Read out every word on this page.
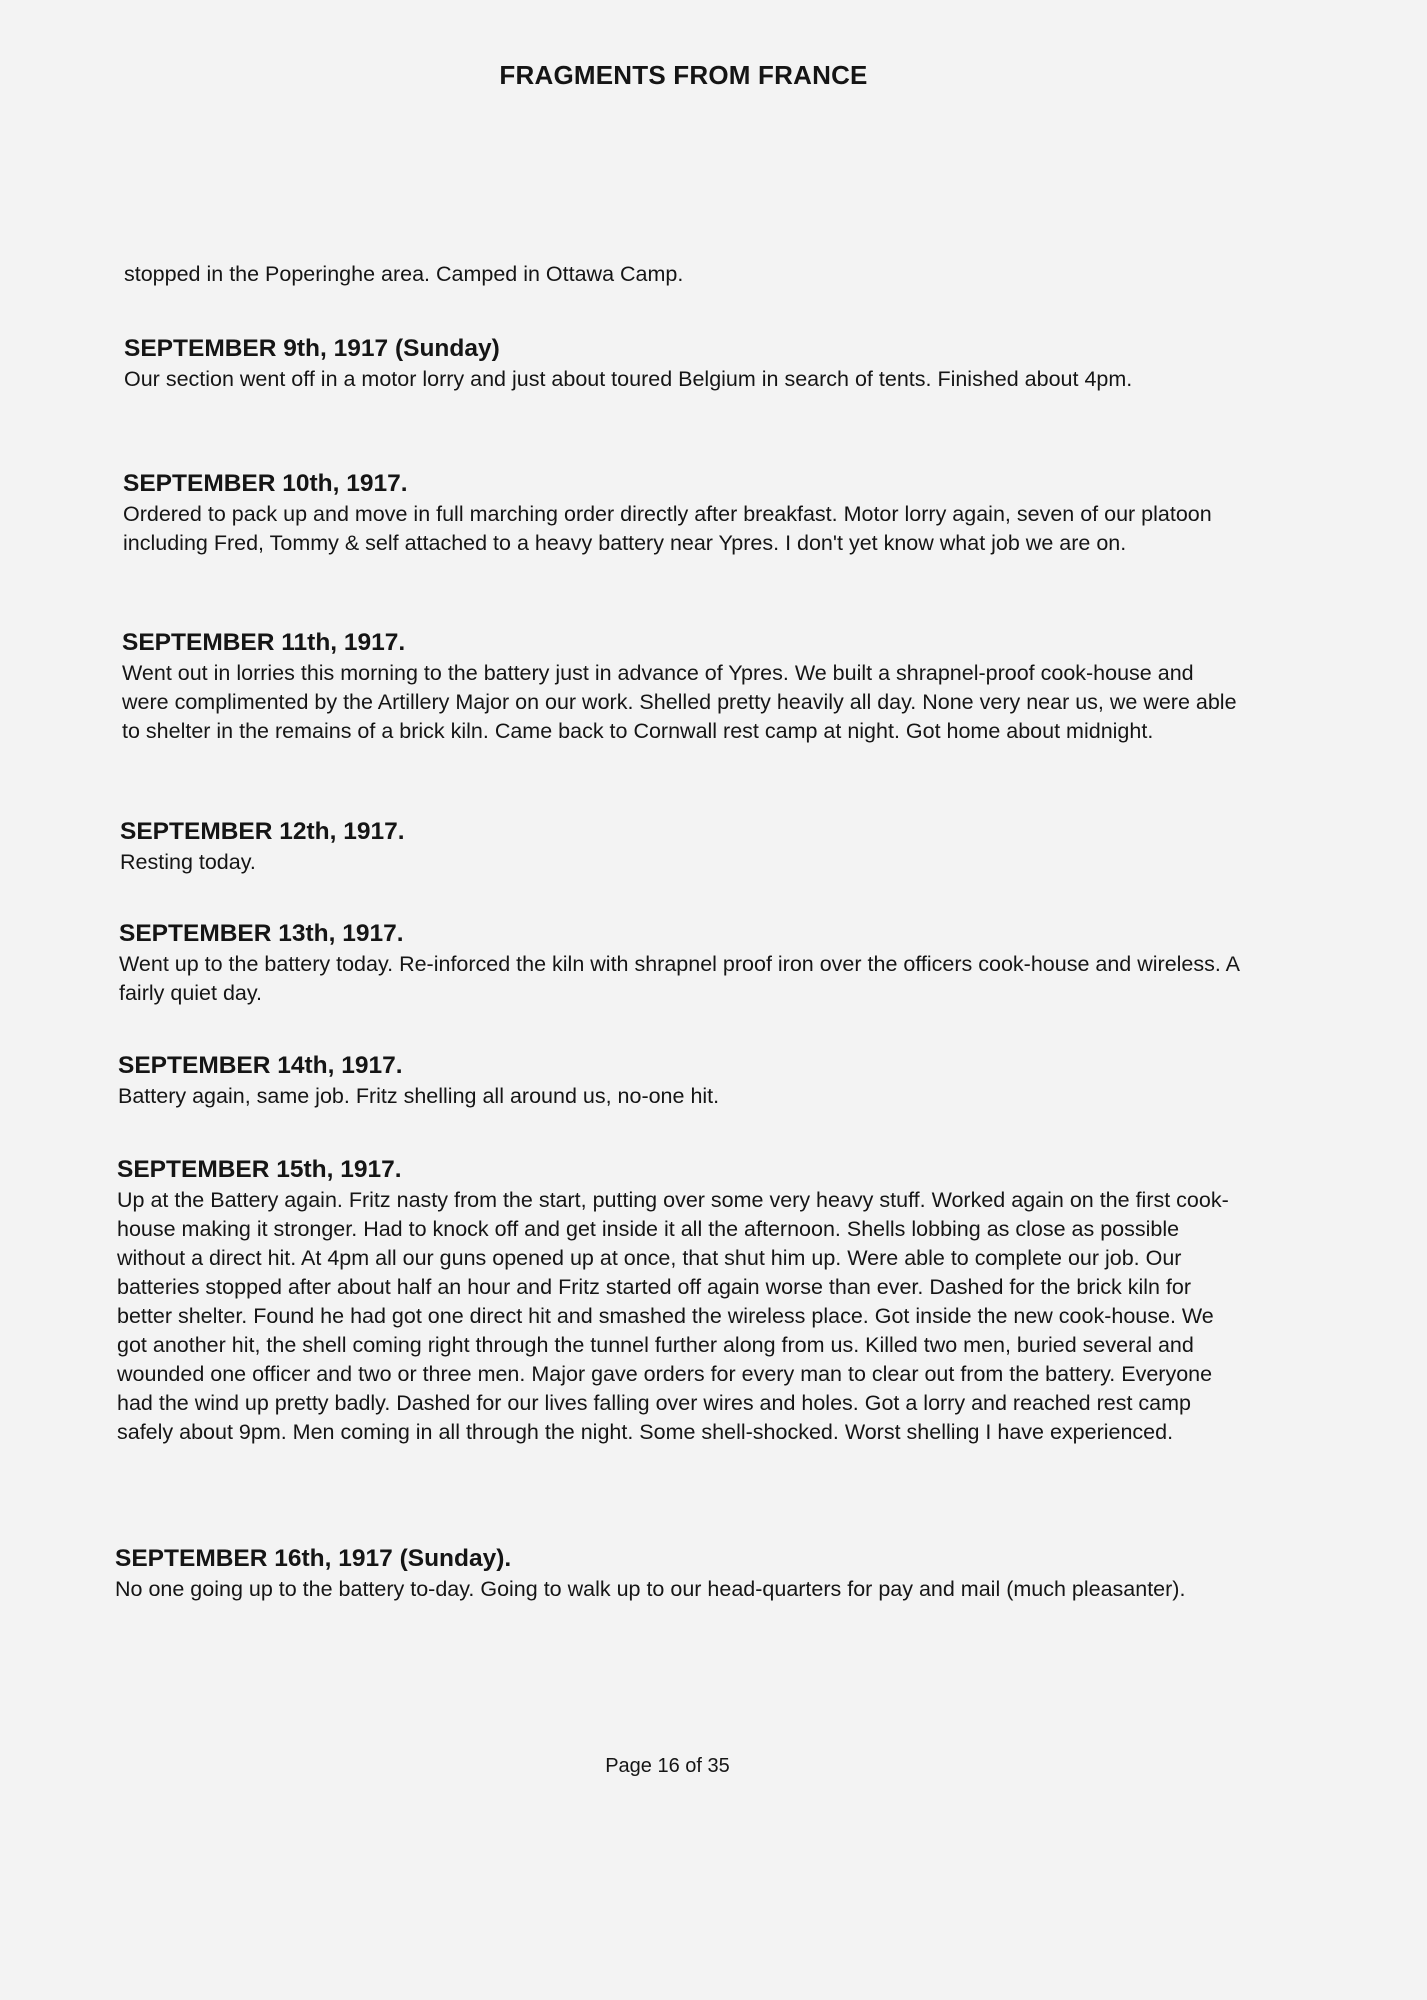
FRAGMENTS FROM FRANCE

stopped in the Poperinghe area. Camped in Ottawa Camp.

SEPTEMBER 9th, 1917 (Sunday)

Our section went off in a motor lorry and just about toured Belgium in search of tents. Finished about 4pm.

SEPTEMBER 10th, 1917.

Ordered to pack up and move in full marching order directly after breakfast. Motor lorry again, seven of our platoon including Fred, Tommy & self attached to a heavy battery near Ypres. I don't yet know what job we are on.

SEPTEMBER 11th, 1917.

Went out in lorries this morning to the battery just in advance of Ypres. We built a shrapnel-proof cook-house and were complimented by the Artillery Major on our work. Shelled pretty heavily all day. None very near us, we were able to shelter in the remains of a brick kiln. Came back to Cornwall rest camp at night. Got home about midnight.

SEPTEMBER 12th, 1917.

Resting today.

SEPTEMBER 13th, 1917.

Went up to the battery today. Re-inforced the kiln with shrapnel proof iron over the officers cook-house and wireless. A fairly quiet day.

SEPTEMBER 14th, 1917.

Battery again, same job. Fritz shelling all around us, no-one hit.

SEPTEMBER 15th, 1917.

Up at the Battery again. Fritz nasty from the start, putting over some very heavy stuff. Worked again on the first cook-house making it stronger. Had to knock off and get inside it all the afternoon. Shells lobbing as close as possible without a direct hit. At 4pm all our guns opened up at once, that shut him up. Were able to complete our job. Our batteries stopped after about half an hour and Fritz started off again worse than ever. Dashed for the brick kiln for better shelter. Found he had got one direct hit and smashed the wireless place. Got inside the new cook-house. We got another hit, the shell coming right through the tunnel further along from us. Killed two men, buried several and wounded one officer and two or three men. Major gave orders for every man to clear out from the battery. Everyone had the wind up pretty badly. Dashed for our lives falling over wires and holes. Got a lorry and reached rest camp safely about 9pm. Men coming in all through the night. Some shell-shocked. Worst shelling I have experienced.

SEPTEMBER 16th, 1917 (Sunday).

No one going up to the battery to-day. Going to walk up to our head-quarters for pay and mail (much pleasanter).

Page 16 of 35
